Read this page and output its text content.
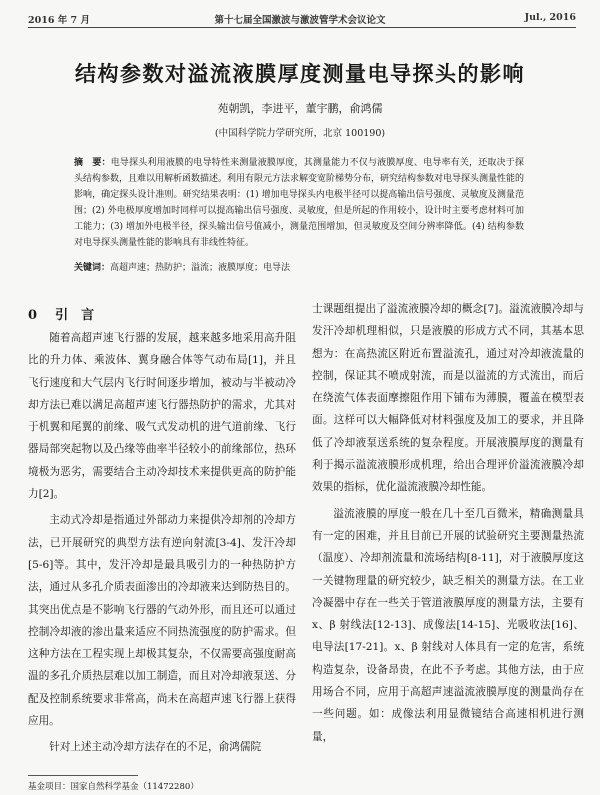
2016 年 7 月	第十七届全国激波与激波管学术会议论文	Jul., 2016
结构参数对溢流液膜厚度测量电导探头的影响
苑朝凯，李进平，董宇鹏，俞鸿儒
(中国科学院力学研究所，北京 100190)
摘　要：电导探头利用液膜的电导特性来测量液膜厚度，其测量能力不仅与液膜厚度、电导率有关，还取决于探头结构参数，且难以用解析函数描述。利用有限元方法求解变宽阶梯势分布，研究结构参数对电导探头测量性能的影响，确定探头设计准则。研究结果表明：(1) 增加电导探头内电极半径可以提高输出信号强度、灵敏度及测量范围；(2) 外电极厚度增加时同样可以提高输出信号强度、灵敏度，但是所起的作用较小，设计时主要考虑材料可加工能力；(3) 增加外电极半径，探头输出信号值减小，测量范围增加，但灵敏度及空间分辨率降低。(4) 结构参数对电导探头测量性能的影响具有非线性特征。
关键词：高超声速；热防护；溢流；液膜厚度；电导法
0 引　言

随着高超声速飞行器的发展，越来越多地采用高升阻比的升力体、乘波体、翼身融合体等气动布局[1]，并且飞行速度和大气层内飞行时间逐步增加，被动与半被动冷却方法已难以满足高超声速飞行器热防护的需求，尤其对于机翼和尾翼的前缘、吸气式发动机的进气道前缘、飞行器局部突起物以及凸缘等曲率半径较小的前缘部位，热环境极为恶劣，需要结合主动冷却技术来提供更高的防护能力[2]。

主动式冷却是指通过外部动力来提供冷却剂的冷却方法，已开展研究的典型方法有逆向射流[3-4]、发汗冷却[5-6]等。其中，发汗冷却是最具吸引力的一种热防护方法，通过从多孔介质表面渗出的冷却液来达到防热目的。其突出优点是不影响飞行器的气动外形，而且还可以通过控制冷却液的渗出量来适应不同热流强度的防护需求。但这种方法在工程实现上却极其复杂，不仅需要高强度耐高温的多孔介质热层难以加工制造，而且对冷却液泵送、分配及控制系统要求非常高，尚未在高超声速飞行器上获得应用。

针对上述主动冷却方法存在的不足，俞鸿儒院

士课题组提出了溢流液膜冷却的概念[7]。溢流液膜冷却与发汗冷却机理相似，只是液膜的形成方式不同，其基本思想为：在高热流区附近布置溢流孔，通过对冷却液流量的控制，保证其不喷成射流，而是以溢流的方式流出，而后在绕流气体表面摩擦阻作用下铺布为薄膜，覆盖在模型表面。这样可以大幅降低对材料强度及加工的要求，并且降低了冷却液泵送系统的复杂程度。开展液膜厚度的测量有利于揭示溢流液膜形成机理，给出合理评价溢流液膜冷却效果的指标，优化溢流液膜冷却性能。

溢流液膜的厚度一般在几十至几百微米，精确测量具有一定的困难，并且目前已开展的试验研究主要测量热流（温度）、冷却剂流量和流场结构[8-11]，对于液膜厚度这一关键物理量的研究较少，缺乏相关的测量方法。在工业冷凝器中存在一些关于管道液膜厚度的测量方法，主要有 x、β 射线法[12-13]、成像法[14-15]、光吸收法[16]、电导法[17-21]。x、β 射线对人体具有一定的危害，系统构造复杂，设备昂贵，在此不予考虑。其他方法，由于应用场合不同，应用于高超声速溢流液膜厚度的测量尚存在一些问题。如：成像法利用显微镜结合高速相机进行测量，

基金项目：国家自然科学基金（11472280）
